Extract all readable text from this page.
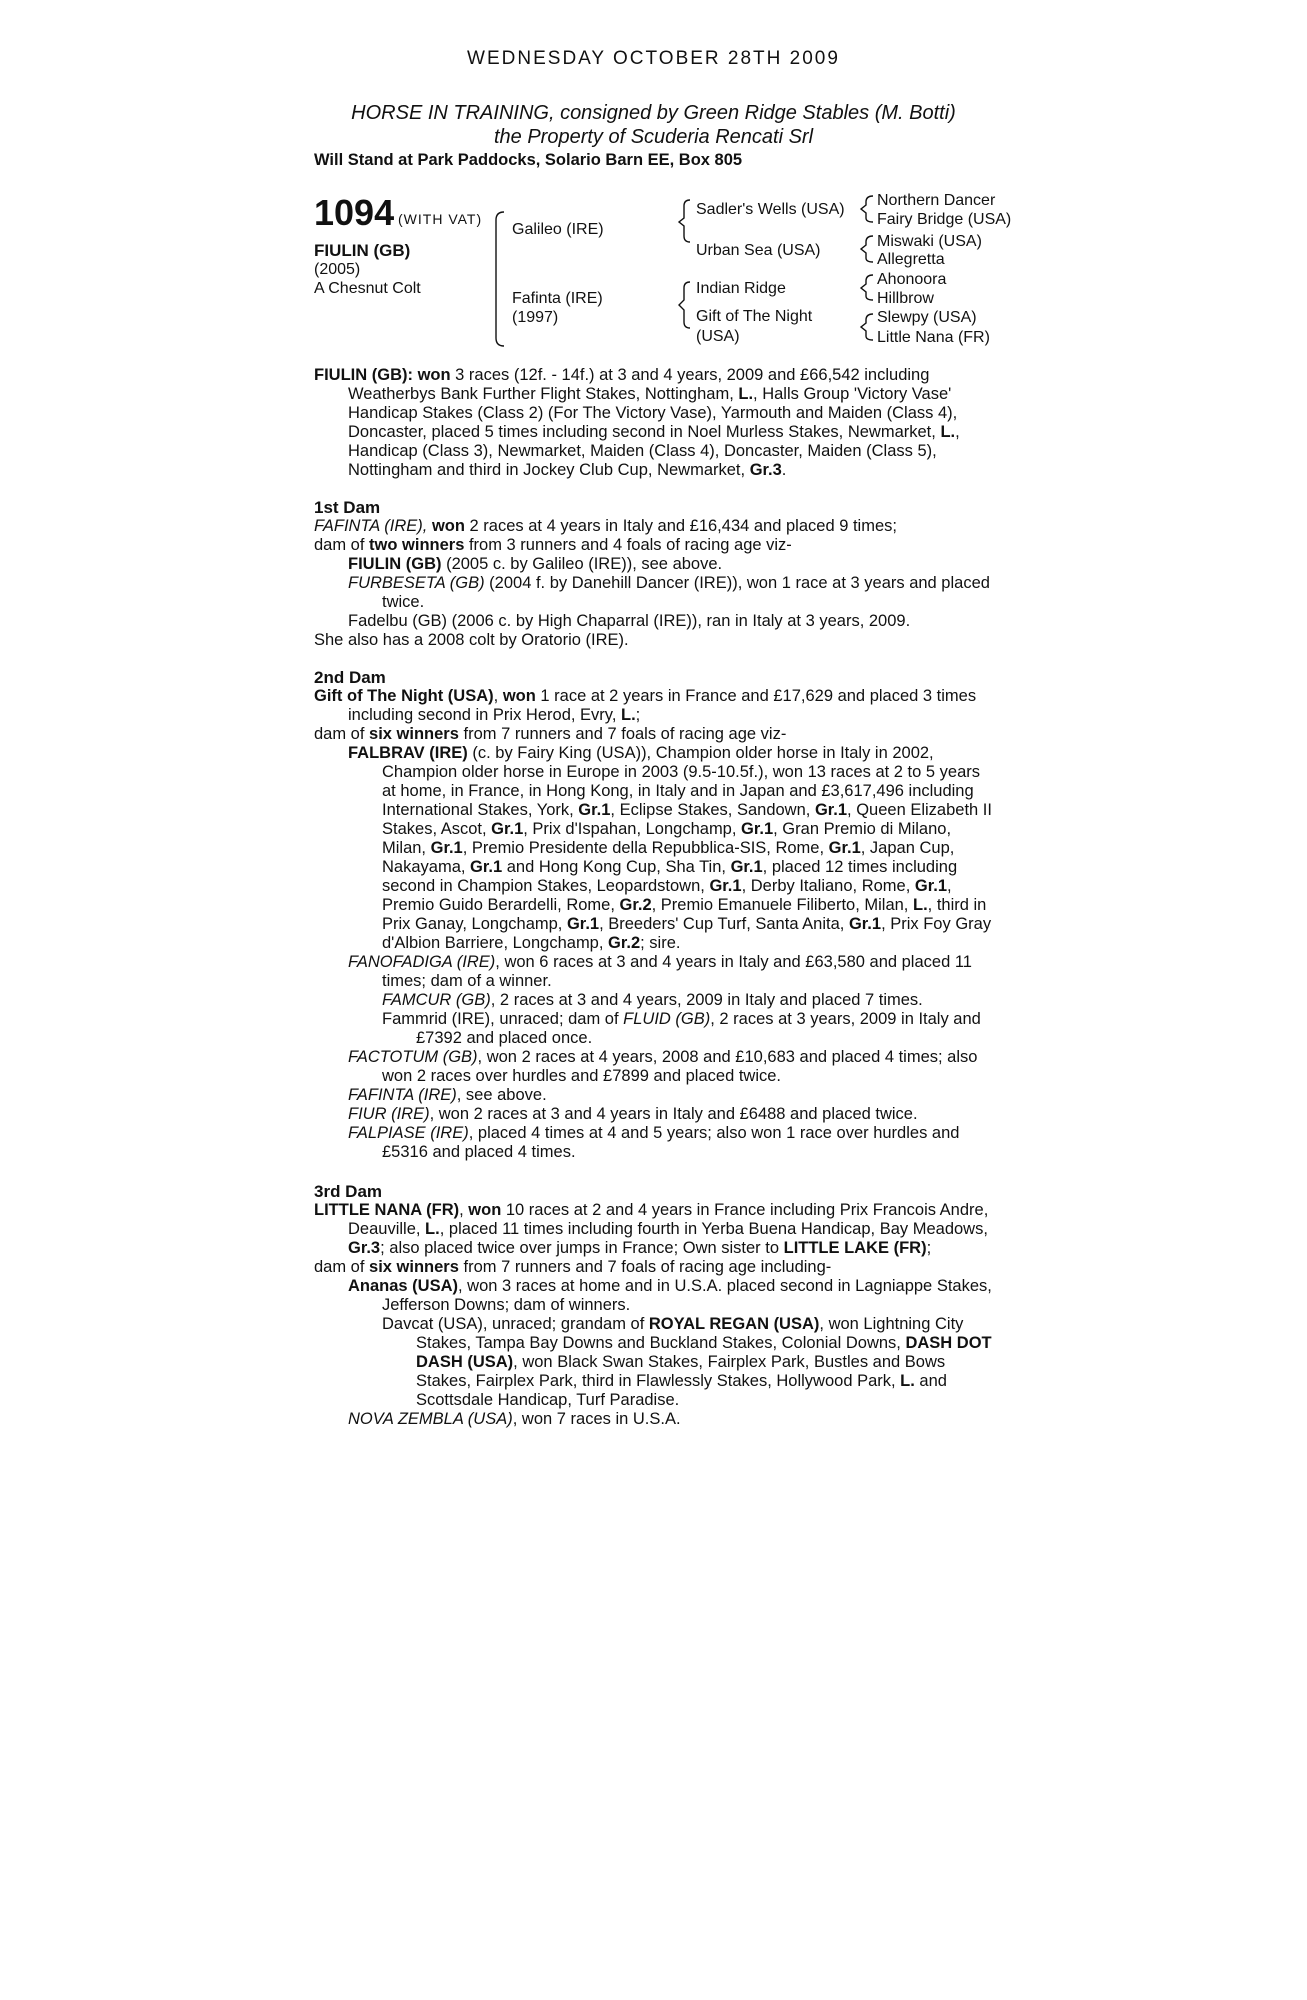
WEDNESDAY OCTOBER 28TH 2009
HORSE IN TRAINING, consigned by Green Ridge Stables (M. Botti)
the Property of Scuderia Rencati Srl
Will Stand at Park Paddocks, Solario Barn EE, Box 805
1094 (WITH VAT)
FIULIN (GB)
(2005)
A Chesnut Colt
Galileo (IRE)
Fafinta (IRE)
(1997)
Sadler's Wells (USA)
Urban Sea (USA)
Indian Ridge
Gift of The Night
(USA)
Northern Dancer
Fairy Bridge (USA)
Miswaki (USA)
Allegretta
Ahonoora
Hillbrow
Slewpy (USA)
Little Nana (FR)

FIULIN (GB): won 3 races (12f. - 14f.) at 3 and 4 years, 2009 and £66,542 including Weatherbys Bank Further Flight Stakes, Nottingham, L., Halls Group 'Victory Vase' Handicap Stakes (Class 2) (For The Victory Vase), Yarmouth and Maiden (Class 4), Doncaster, placed 5 times including second in Noel Murless Stakes, Newmarket, L., Handicap (Class 3), Newmarket, Maiden (Class 4), Doncaster, Maiden (Class 5), Nottingham and third in Jockey Club Cup, Newmarket, Gr.3.

1st Dam

FAFINTA (IRE), won 2 races at 4 years in Italy and £16,434 and placed 9 times;

dam of two winners from 3 runners and 4 foals of racing age viz-

FIULIN (GB) (2005 c. by Galileo (IRE)), see above.

FURBESETA (GB) (2004 f. by Danehill Dancer (IRE)), won 1 race at 3 years and placed twice.

Fadelbu (GB) (2006 c. by High Chaparral (IRE)), ran in Italy at 3 years, 2009.

She also has a 2008 colt by Oratorio (IRE).

2nd Dam

Gift of The Night (USA), won 1 race at 2 years in France and £17,629 and placed 3 times including second in Prix Herod, Evry, L.;

dam of six winners from 7 runners and 7 foals of racing age viz-

FALBRAV (IRE) (c. by Fairy King (USA)), Champion older horse in Italy in 2002, Champion older horse in Europe in 2003 (9.5-10.5f.), won 13 races at 2 to 5 years at home, in France, in Hong Kong, in Italy and in Japan and £3,617,496 including International Stakes, York, Gr.1, Eclipse Stakes, Sandown, Gr.1, Queen Elizabeth II Stakes, Ascot, Gr.1, Prix d'Ispahan, Longchamp, Gr.1, Gran Premio di Milano, Milan, Gr.1, Premio Presidente della Repubblica-SIS, Rome, Gr.1, Japan Cup, Nakayama, Gr.1 and Hong Kong Cup, Sha Tin, Gr.1, placed 12 times including second in Champion Stakes, Leopardstown, Gr.1, Derby Italiano, Rome, Gr.1, Premio Guido Berardelli, Rome, Gr.2, Premio Emanuele Filiberto, Milan, L., third in Prix Ganay, Longchamp, Gr.1, Breeders' Cup Turf, Santa Anita, Gr.1, Prix Foy Gray d'Albion Barriere, Longchamp, Gr.2; sire.

FANOFADIGA (IRE), won 6 races at 3 and 4 years in Italy and £63,580 and placed 11 times; dam of a winner.

FAMCUR (GB), 2 races at 3 and 4 years, 2009 in Italy and placed 7 times.

Fammrid (IRE), unraced; dam of FLUID (GB), 2 races at 3 years, 2009 in Italy and £7392 and placed once.

FACTOTUM (GB), won 2 races at 4 years, 2008 and £10,683 and placed 4 times; also won 2 races over hurdles and £7899 and placed twice.

FAFINTA (IRE), see above.

FIUR (IRE), won 2 races at 3 and 4 years in Italy and £6488 and placed twice.

FALPIASE (IRE), placed 4 times at 4 and 5 years; also won 1 race over hurdles and £5316 and placed 4 times.

3rd Dam

LITTLE NANA (FR), won 10 races at 2 and 4 years in France including Prix Francois Andre, Deauville, L., placed 11 times including fourth in Yerba Buena Handicap, Bay Meadows, Gr.3; also placed twice over jumps in France; Own sister to LITTLE LAKE (FR);

dam of six winners from 7 runners and 7 foals of racing age including-

Ananas (USA), won 3 races at home and in U.S.A. placed second in Lagniappe Stakes, Jefferson Downs; dam of winners.

Davcat (USA), unraced; grandam of ROYAL REGAN (USA), won Lightning City Stakes, Tampa Bay Downs and Buckland Stakes, Colonial Downs, DASH DOT DASH (USA), won Black Swan Stakes, Fairplex Park, Bustles and Bows Stakes, Fairplex Park, third in Flawlessly Stakes, Hollywood Park, L. and Scottsdale Handicap, Turf Paradise.

NOVA ZEMBLA (USA), won 7 races in U.S.A.
